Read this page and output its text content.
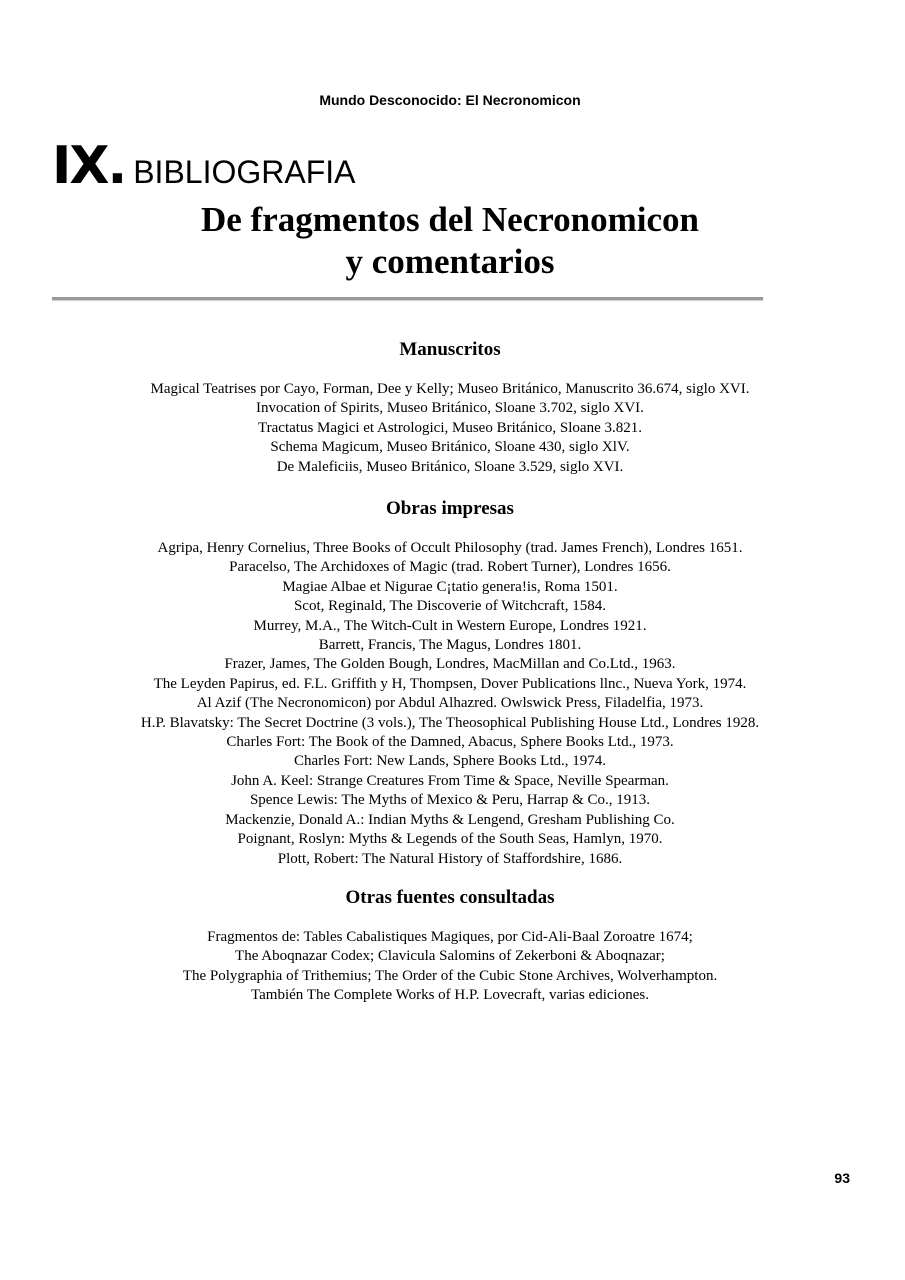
Mundo Desconocido: El Necronomicon
IX. BIBLIOGRAFIA
De fragmentos del Necronomicon
y comentarios
Manuscritos
Magical Teatrises por Cayo, Forman, Dee y Kelly; Museo Británico, Manuscrito 36.674, siglo XVI.
Invocation of Spirits, Museo Británico, Sloane 3.702, siglo XVI.
Tractatus Magici et Astrologici, Museo Británico, Sloane 3.821.
Schema Magicum, Museo Británico, Sloane 430, siglo XlV.
De Maleficiis, Museo Británico, Sloane 3.529, siglo XVI.
Obras impresas
Agripa, Henry Cornelius, Three Books of Occult Philosophy (trad. James French), Londres 1651.
Paracelso, The Archidoxes of Magic (trad. Robert Turner), Londres 1656.
Magiae Albae et Nigurae C¡tatio genera!is, Roma 1501.
Scot, Reginald, The Discoverie of Witchcraft, 1584.
Murrey, M.A., The Witch-Cult in Western Europe, Londres 1921.
Barrett, Francis, The Magus, Londres 1801.
Frazer, James, The Golden Bough, Londres, MacMillan and Co.Ltd., 1963.
The Leyden Papirus, ed. F.L. Griffith y H, Thompsen, Dover Publications llnc., Nueva York, 1974.
Al Azif (The Necronomicon) por Abdul Alhazred. Owlswick Press, Filadelfia, 1973.
H.P. Blavatsky: The Secret Doctrine (3 vols.), The Theosophical Publishing House Ltd., Londres 1928.
Charles Fort: The Book of the Damned, Abacus, Sphere Books Ltd., 1973.
Charles Fort: New Lands, Sphere Books Ltd., 1974.
John A. Keel: Strange Creatures From Time & Space, Neville Spearman.
Spence Lewis: The Myths of Mexico & Peru, Harrap & Co., 1913.
Mackenzie, Donald A.: Indian Myths & Lengend, Gresham Publishing Co.
Poignant, Roslyn: Myths & Legends of the South Seas, Hamlyn, 1970.
Plott, Robert: The Natural History of Staffordshire, 1686.
Otras fuentes consultadas
Fragmentos de: Tables Cabalistiques Magiques, por Cid-Ali-Baal Zoroatre 1674;
The Aboqnazar Codex; Clavicula Salomins of Zekerboni & Aboqnazar;
The Polygraphia of Trithemius; The Order of the Cubic Stone Archives, Wolverhampton.
También The Complete Works of H.P. Lovecraft, varias ediciones.
93
